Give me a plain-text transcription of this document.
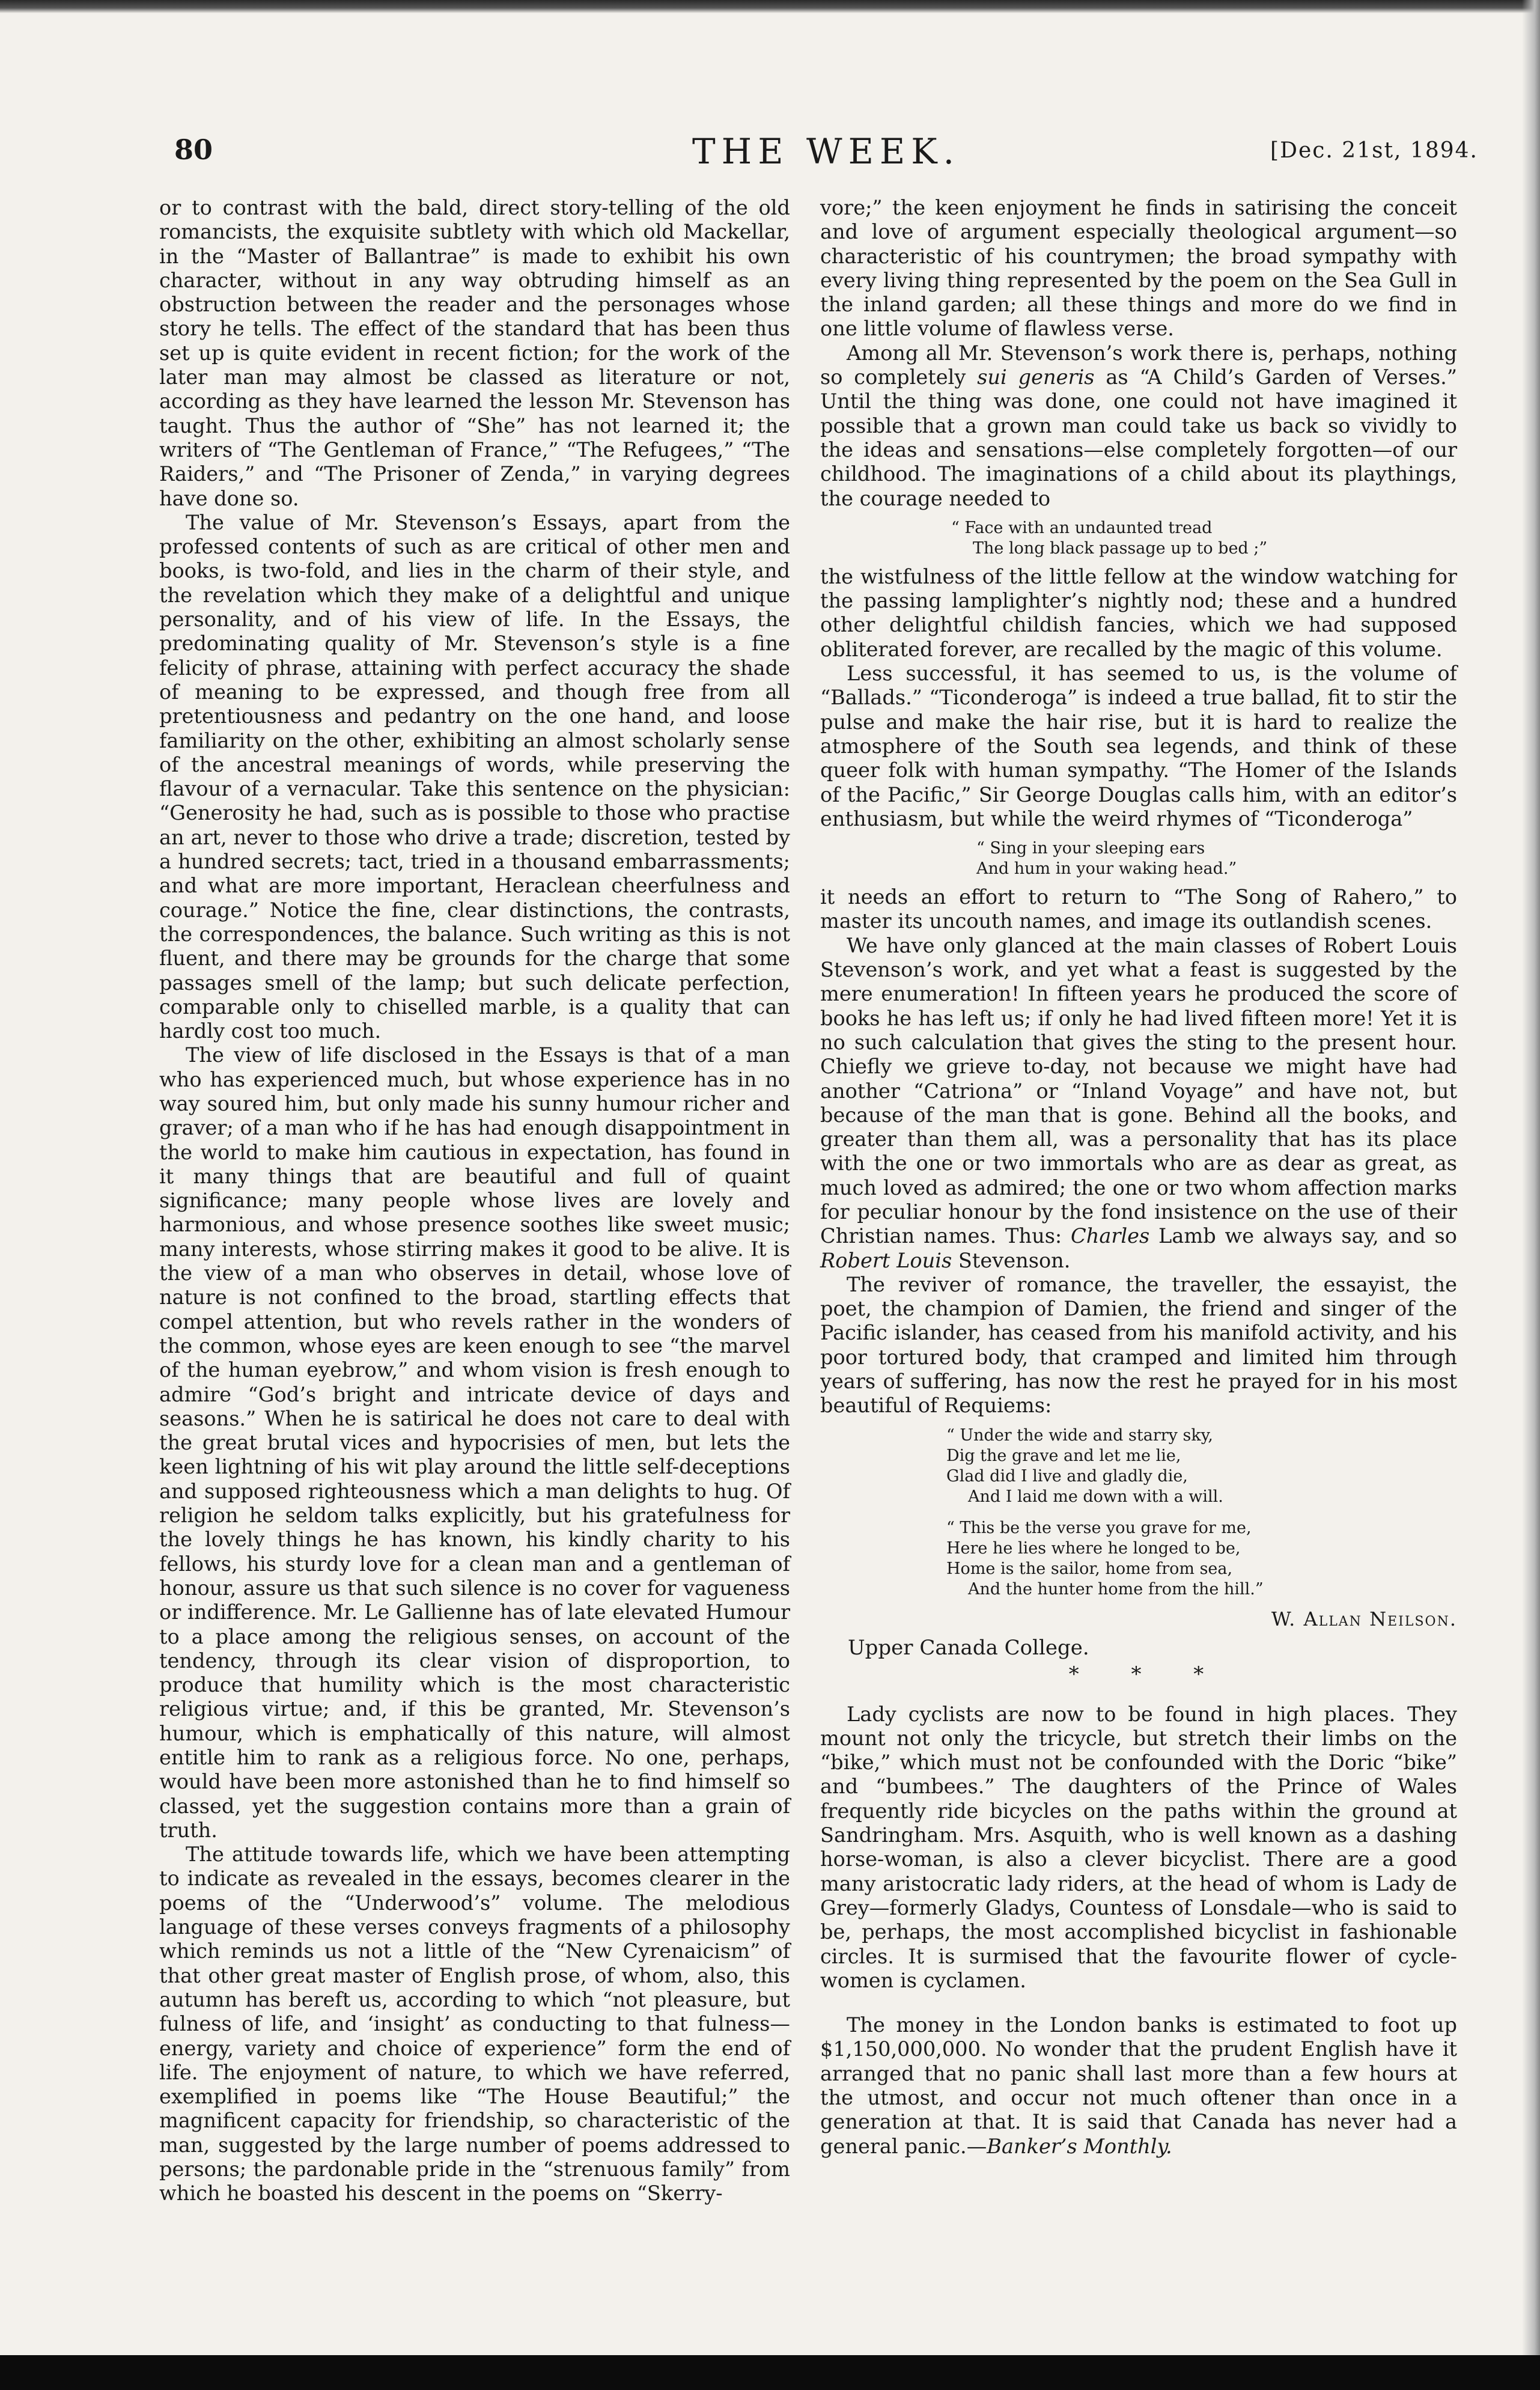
80	THE WEEK.	[Dec. 21st, 1894.

or to contrast with the bald, direct story-telling of the old romancists, the exquisite subtlety with which old Mackellar, in the “Master of Ballantrae” is made to exhibit his own character, without in any way obtruding himself as an obstruction between the reader and the personages whose story he tells. The effect of the standard that has been thus set up is quite evident in recent fiction; for the work of the later man may almost be classed as literature or not, according as they have learned the lesson Mr. Stevenson has taught. Thus the author of “She” has not learned it; the writers of “The Gentleman of France,” “The Refugees,” “The Raiders,” and “The Prisoner of Zenda,” in varying degrees have done so.

The value of Mr. Stevenson’s Essays, apart from the professed contents of such as are critical of other men and books, is two-fold, and lies in the charm of their style, and the revelation which they make of a delightful and unique personality, and of his view of life. In the Essays, the predominating quality of Mr. Stevenson’s style is a fine felicity of phrase, attaining with perfect accuracy the shade of meaning to be expressed, and though free from all pretentiousness and pedantry on the one hand, and loose familiarity on the other, exhibiting an almost scholarly sense of the ancestral meanings of words, while preserving the flavour of a vernacular. Take this sentence on the physician: “Generosity he had, such as is possible to those who practise an art, never to those who drive a trade; discretion, tested by a hundred secrets; tact, tried in a thousand embarrassments; and what are more important, Heraclean cheerfulness and courage.” Notice the fine, clear distinctions, the contrasts, the correspondences, the balance. Such writing as this is not fluent, and there may be grounds for the charge that some passages smell of the lamp; but such delicate perfection, comparable only to chiselled marble, is a quality that can hardly cost too much.

The view of life disclosed in the Essays is that of a man who has experienced much, but whose experience has in no way soured him, but only made his sunny humour richer and graver; of a man who if he has had enough disappointment in the world to make him cautious in expectation, has found in it many things that are beautiful and full of quaint significance; many people whose lives are lovely and harmonious, and whose presence soothes like sweet music; many interests, whose stirring makes it good to be alive. It is the view of a man who observes in detail, whose love of nature is not confined to the broad, startling effects that compel attention, but who revels rather in the wonders of the common, whose eyes are keen enough to see “the marvel of the human eyebrow,” and whom vision is fresh enough to admire “God’s bright and intricate device of days and seasons.” When he is satirical he does not care to deal with the great brutal vices and hypocrisies of men, but lets the keen lightning of his wit play around the little self-deceptions and supposed righteousness which a man delights to hug. Of religion he seldom talks explicitly, but his gratefulness for the lovely things he has known, his kindly charity to his fellows, his sturdy love for a clean man and a gentleman of honour, assure us that such silence is no cover for vagueness or indifference. Mr. Le Gallienne has of late elevated Humour to a place among the religious senses, on account of the tendency, through its clear vision of disproportion, to produce that humility which is the most characteristic religious virtue; and, if this be granted, Mr. Stevenson’s humour, which is emphatically of this nature, will almost entitle him to rank as a religious force. No one, perhaps, would have been more astonished than he to find himself so classed, yet the suggestion contains more than a grain of truth.

The attitude towards life, which we have been attempting to indicate as revealed in the essays, becomes clearer in the poems of the “Underwood’s” volume. The melodious language of these verses conveys fragments of a philosophy which reminds us not a little of the “New Cyrenaicism” of that other great master of English prose, of whom, also, this autumn has bereft us, according to which “not pleasure, but fulness of life, and ‘insight’ as conducting to that fulness—energy, variety and choice of experience” form the end of life. The enjoyment of nature, to which we have referred, exemplified in poems like “The House Beautiful;” the magnificent capacity for friendship, so characteristic of the man, suggested by the large number of poems addressed to persons; the pardonable pride in the “strenuous family” from which he boasted his descent in the poems on “Skerry-

vore;” the keen enjoyment he finds in satirising the conceit and love of argument especially theological argument—so characteristic of his countrymen; the broad sympathy with every living thing represented by the poem on the Sea Gull in the inland garden; all these things and more do we find in one little volume of flawless verse.

Among all Mr. Stevenson’s work there is, perhaps, nothing so completely sui generis as “A Child’s Garden of Verses.” Until the thing was done, one could not have imagined it possible that a grown man could take us back so vividly to the ideas and sensations—else completely forgotten—of our childhood. The imaginations of a child about its playthings, the courage needed to

“ Face with an undaunted tread
The long black passage up to bed ;”

the wistfulness of the little fellow at the window watching for the passing lamplighter’s nightly nod; these and a hundred other delightful childish fancies, which we had supposed obliterated forever, are recalled by the magic of this volume.

Less successful, it has seemed to us, is the volume of “Ballads.” “Ticonderoga” is indeed a true ballad, fit to stir the pulse and make the hair rise, but it is hard to realize the atmosphere of the South sea legends, and think of these queer folk with human sympathy. “The Homer of the Islands of the Pacific,” Sir George Douglas calls him, with an editor’s enthusiasm, but while the weird rhymes of “Ticonderoga”

“ Sing in your sleeping ears
And hum in your waking head.”

it needs an effort to return to “The Song of Rahero,” to master its uncouth names, and image its outlandish scenes.

We have only glanced at the main classes of Robert Louis Stevenson’s work, and yet what a feast is suggested by the mere enumeration! In fifteen years he produced the score of books he has left us; if only he had lived fifteen more! Yet it is no such calculation that gives the sting to the present hour. Chiefly we grieve to-day, not because we might have had another “Catriona” or “Inland Voyage” and have not, but because of the man that is gone. Behind all the books, and greater than them all, was a personality that has its place with the one or two immortals who are as dear as great, as much loved as admired; the one or two whom affection marks for peculiar honour by the fond insistence on the use of their Christian names. Thus: Charles Lamb we always say, and so Robert Louis Stevenson.

The reviver of romance, the traveller, the essayist, the poet, the champion of Damien, the friend and singer of the Pacific islander, has ceased from his manifold activity, and his poor tortured body, that cramped and limited him through years of suffering, has now the rest he prayed for in his most beautiful of Requiems:

“ Under the wide and starry sky,
Dig the grave and let me lie,
Glad did I live and gladly die,
And I laid me down with a will.
“ This be the verse you grave for me,
Here he lies where he longed to be,
Home is the sailor, home from sea,
And the hunter home from the hill.”
W. Allan Neilson.
Upper Canada College.
* * *

Lady cyclists are now to be found in high places. They mount not only the tricycle, but stretch their limbs on the “bike,” which must not be confounded with the Doric “bike” and “bumbees.” The daughters of the Prince of Wales frequently ride bicycles on the paths within the ground at Sandringham. Mrs. Asquith, who is well known as a dashing horse-woman, is also a clever bicyclist. There are a good many aristocratic lady riders, at the head of whom is Lady de Grey—formerly Gladys, Countess of Lonsdale—who is said to be, perhaps, the most accomplished bicyclist in fashionable circles. It is surmised that the favourite flower of cycle-women is cyclamen.

The money in the London banks is estimated to foot up $1,150,000,000. No wonder that the prudent English have it arranged that no panic shall last more than a few hours at the utmost, and occur not much oftener than once in a generation at that. It is said that Canada has never had a general panic.—Banker’s Monthly.
